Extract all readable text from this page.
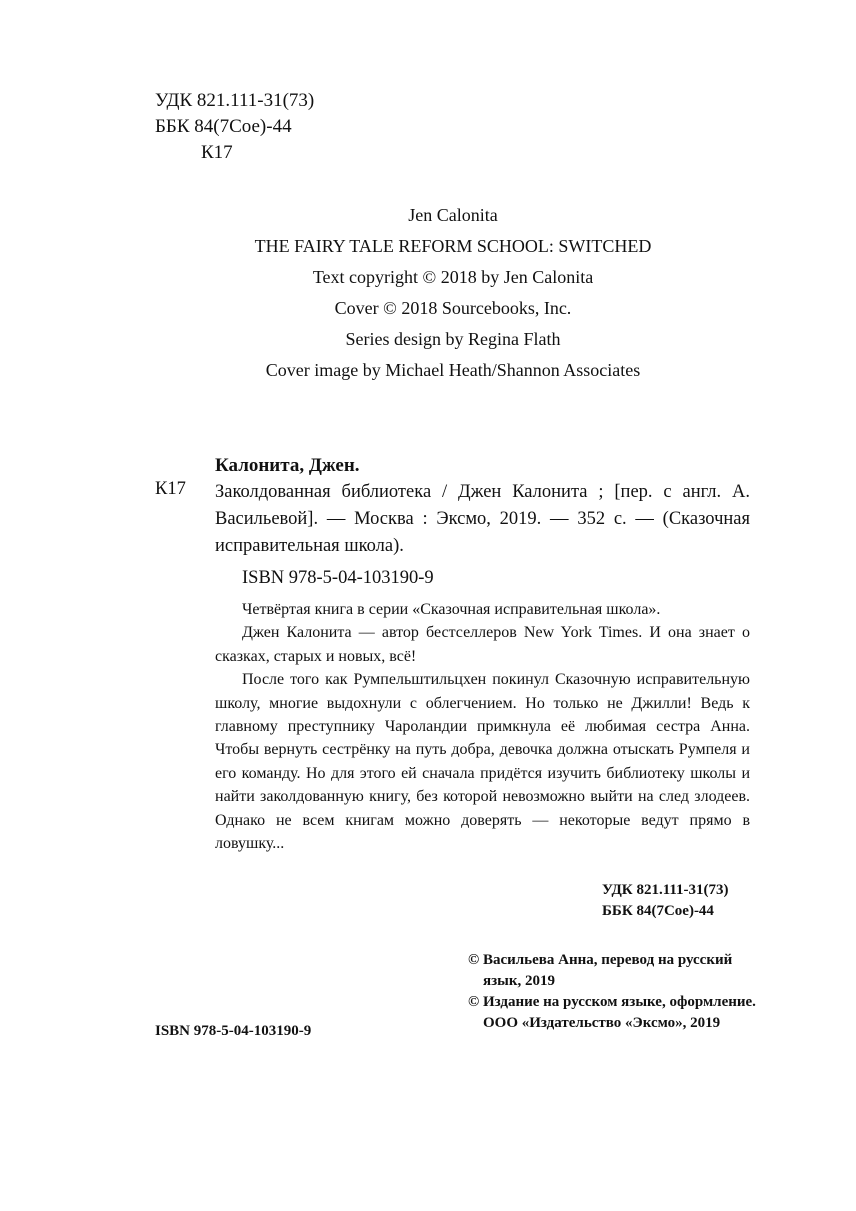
УДК 821.111-31(73)
ББК 84(7Сое)-44
К17
Jen Calonita
THE FAIRY TALE REFORM SCHOOL: SWITCHED
Text copyright © 2018 by Jen Calonita
Cover © 2018 Sourcebooks, Inc.
Series design by Regina Flath
Cover image by Michael Heath/Shannon Associates
Калонита, Джен.
К17 Заколдованная библиотека / Джен Калонита ; [пер. с англ. А. Васильевой]. — Москва : Эксмо, 2019. — 352 с. — (Сказочная исправительная школа).
ISBN 978-5-04-103190-9

Четвёртая книга в серии «Сказочная исправительная школа».

Джен Калонита — автор бестселлеров New York Times. И она знает о сказках, старых и новых, всё!

После того как Румпельштильцхен покинул Сказочную исправительную школу, многие выдохнули с облегчением. Но только не Джилли! Ведь к главному преступнику Чароландии примкнула её любимая сестра Анна. Чтобы вернуть сестрёнку на путь добра, девочка должна отыскать Румпеля и его команду. Но для этого ей сначала придётся изучить библиотеку школы и найти заколдованную книгу, без которой невозможно выйти на след злодеев. Однако не всем книгам можно доверять — некоторые ведут прямо в ловушку...

УДК 821.111-31(73)
ББК 84(7Сое)-44
© Васильева Анна, перевод на русский язык, 2019
© Издание на русском языке, оформление. ООО «Издательство «Эксмо», 2019
ISBN 978-5-04-103190-9
